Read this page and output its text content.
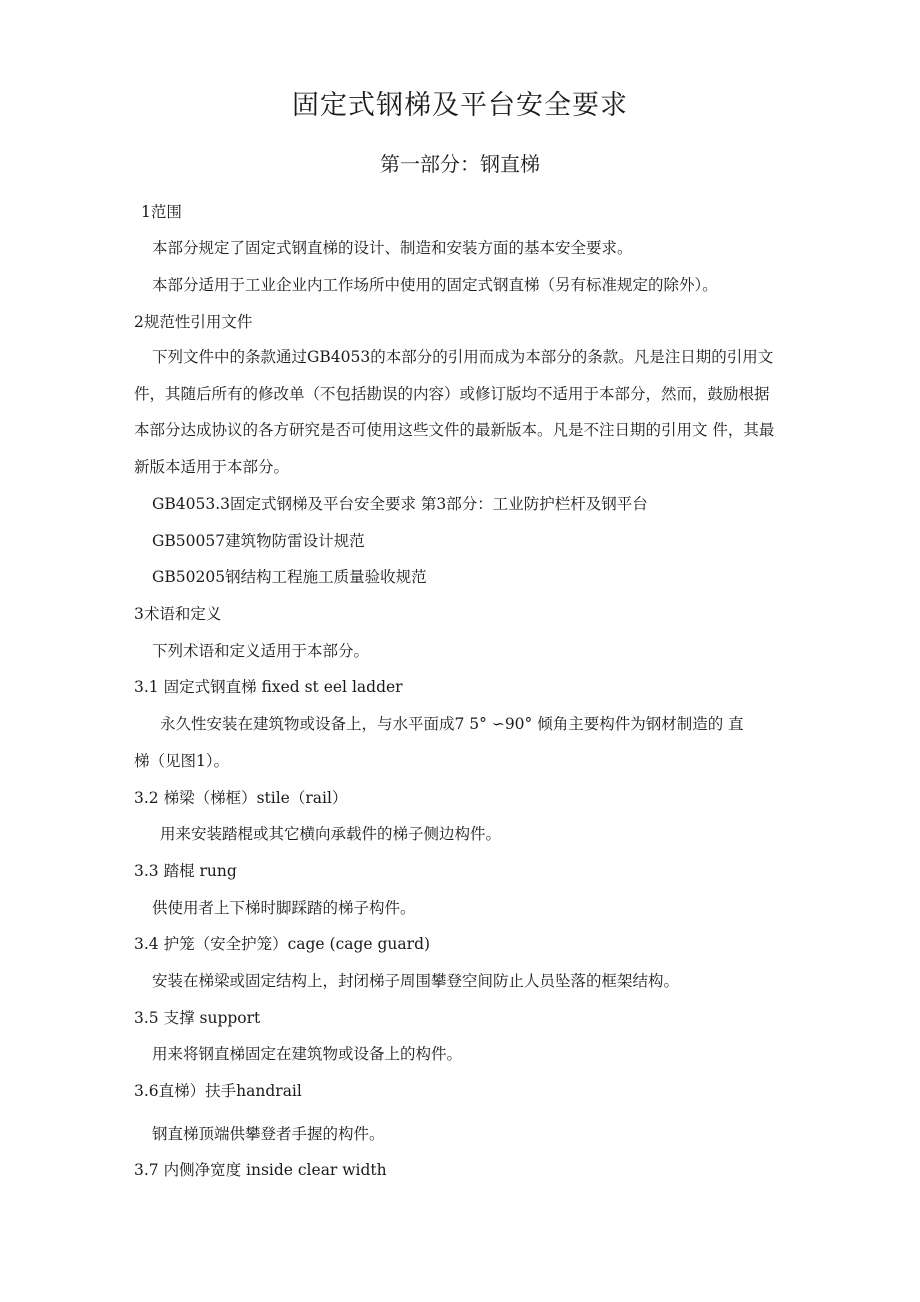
固定式钢梯及平台安全要求
第一部分：钢直梯
1范围
本部分规定了固定式钢直梯的设计、制造和安装方面的基本安全要求。
本部分适用于工业企业内工作场所中使用的固定式钢直梯（另有标准规定的除外）。
2规范性引用文件
下列文件中的条款通过GB4053的本部分的引用而成为本部分的条款。凡是注日期的引用文件，其随后所有的修改单（不包括勘误的内容）或修订版均不适用于本部分，然而，鼓励根据本部分达成协议的各方研究是否可使用这些文件的最新版本。凡是不注日期的引用文 件，其最新版本适用于本部分。
GB4053.3固定式钢梯及平台安全要求 第3部分：工业防护栏杆及钢平台
GB50057建筑物防雷设计规范
GB50205钢结构工程施工质量验收规范
3术语和定义
下列术语和定义适用于本部分。
3.1 固定式钢直梯 fixed st eel ladder
永久性安装在建筑物或设备上，与水平面成7 5° ∽90° 倾角主要构件为钢材制造的 直
梯（见图1）。
3.2 梯梁（梯框）stile（rail）
用来安装踏棍或其它横向承载件的梯子侧边构件。
3.3 踏棍 rung
供使用者上下梯时脚踩踏的梯子构件。
3.4 护笼（安全护笼）cage (cage guard)
安装在梯梁或固定结构上，封闭梯子周围攀登空间防止人员坠落的框架结构。
3.5 支撑 support
用来将钢直梯固定在建筑物或设备上的构件。
3.6直梯）扶手handrail
钢直梯顶端供攀登者手握的构件。
3.7 内侧净宽度 inside clear width
